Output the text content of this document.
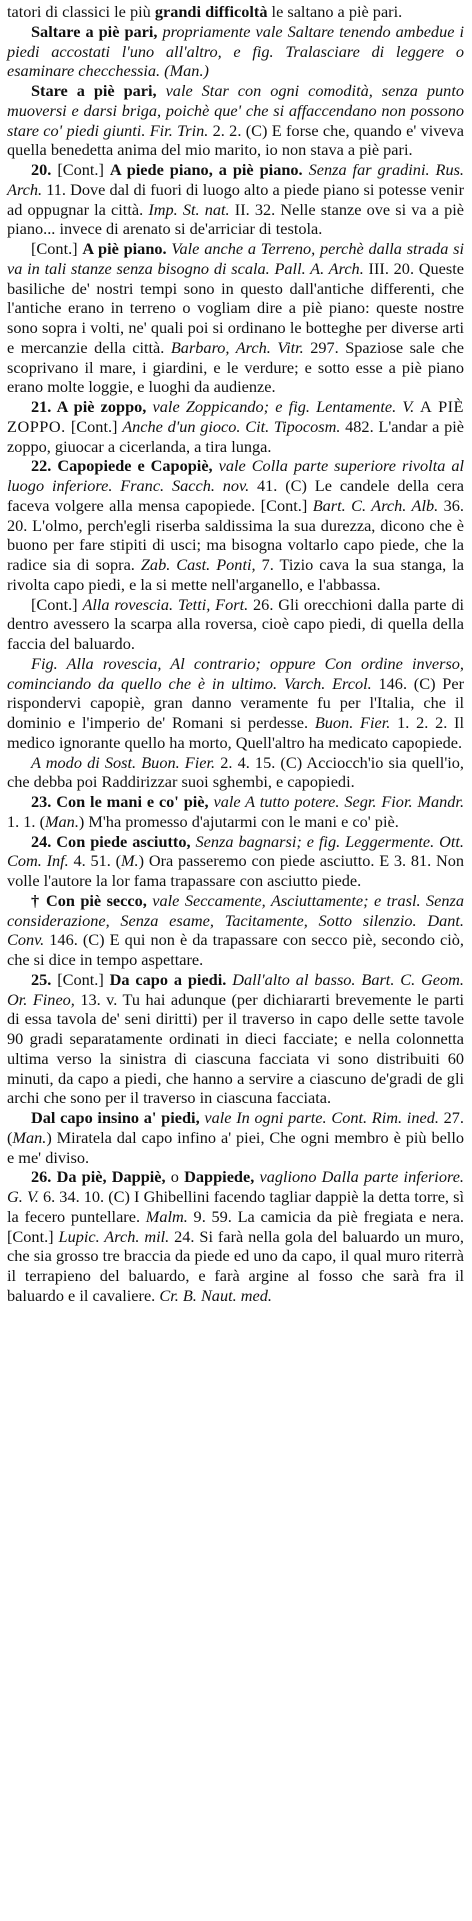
tatori di classici le più grandi difficoltà le saltano a piè pari.

Saltare a piè pari, propriamente vale Saltare tenendo ambedue i piedi accostati l'uno all'altro, e fig. Tralasciare di leggere o esaminare checchessia. (Man.)

Stare a piè pari, vale Star con ogni comodità, senza punto muoversi e darsi briga, poichè que' che si affaccendano non possono stare co' piedi giunti. Fir. Trin. 2. 2. (C) E forse che, quando e' viveva quella benedetta anima del mio marito, io non stava a piè pari.

20. [Cont.] A piede piano, a piè piano. Senza far gradini. Rus. Arch. 11. Dove dal di fuori di luogo alto a piede piano si potesse venir ad oppugnar la città. Imp. St. nat. II. 32. Nelle stanze ove si va a piè piano... invece di arenato si de'arriciar di testola.

[Cont.] A piè piano. Vale anche a Terreno, perchè dalla strada si va in tali stanze senza bisogno di scala. Pall. A. Arch. III. 20. Queste basiliche de' nostri tempi sono in questo dall'antiche differenti, che l'antiche erano in terreno o vogliam dire a piè piano: queste nostre sono sopra i volti, ne' quali poi si ordinano le botteghe per diverse arti e mercanzie della città. Barbaro, Arch. Vitr. 297. Spaziose sale che scoprivano il mare, i giardini, e le verdure; e sotto esse a piè piano erano molte loggie, e luoghi da audienze.

21. A piè zoppo, vale Zoppicando; e fig. Lentamente. V. A PIÈ ZOPPO. [Cont.] Anche d'un gioco. Cit. Tipocosm. 482. L'andar a piè zoppo, giuocar a cicerlanda, a tira lunga.

22. Capopiede e Capopiè, vale Colla parte superiore rivolta al luogo inferiore. Franc. Sacch. nov. 41. (C) Le candele della cera faceva volgere alla mensa capopiede. [Cont.] Bart. C. Arch. Alb. 36. 20. L'olmo, perch'egli riserba saldissima la sua durezza, dicono che è buono per fare stipiti di usci; ma bisogna voltarlo capo piede, che la radice sia di sopra. Zab. Cast. Ponti, 7. Tizio cava la sua stanga, la rivolta capo piedi, e la si mette nell'arganello, e l'abbassa.

[Cont.] Alla rovescia. Tetti, Fort. 26. Gli orecchioni dalla parte di dentro avessero la scarpa alla roversa, cioè capo piedi, di quella della faccia del baluardo.

Fig. Alla rovescia, Al contrario; oppure Con ordine inverso, cominciando da quello che è in ultimo. Varch. Ercol. 146. (C) Per rispondervi capopiè, gran danno veramente fu per l'Italia, che il dominio e l'imperio de' Romani si perdesse. Buon. Fier. 1. 2. 2. Il medico ignorante quello ha morto, Quell'altro ha medicato capopiede.

A modo di Sost. Buon. Fier. 2. 4. 15. (C) Acciocch'io sia quell'io, che debba poi Raddirizzar suoi sghembi, e capopiedi.

23. Con le mani e co' piè, vale A tutto potere. Segr. Fior. Mandr. 1. 1. (Man.) M'ha promesso d'ajutarmi con le mani e co' piè.

24. Con piede asciutto, Senza bagnarsi; e fig. Leggermente. Ott. Com. Inf. 4. 51. (M.) Ora passeremo con piede asciutto. E 3. 81. Non volle l'autore la lor fama trapassare con asciutto piede.

† Con piè secco, vale Seccamente, Asciuttamente; e trasl. Senza considerazione, Senza esame, Tacitamente, Sotto silenzio. Dant. Conv. 146. (C) E qui non è da trapassare con secco piè, secondo ciò, che si dice in tempo aspettare.

25. [Cont.] Da capo a piedi. Dall'alto al basso. Bart. C. Geom. Or. Fineo, 13. v. Tu hai adunque (per dichiararti brevemente le parti di essa tavola de' seni diritti) per il traverso in capo delle sette tavole 90 gradi separatamente ordinati in dieci facciate; e nella colonnetta ultima verso la sinistra di ciascuna facciata vi sono distribuiti 60 minuti, da capo a piedi, che hanno a servire a ciascuno de'gradi de gli archi che sono per il traverso in ciascuna facciata.

Dal capo insino a' piedi, vale In ogni parte. Cont. Rim. ined. 27. (Man.) Miratela dal capo infino a' piei, Che ogni membro è più bello e me' diviso.

26. Da piè, Dappiè, o Dappiede, vagliono Dalla parte inferiore. G. V. 6. 34. 10. (C) I Ghibellini facendo tagliar dappiè la detta torre, sì la fecero puntellare. Malm. 9. 59. La camicia da piè fregiata e nera. [Cont.] Lupic. Arch. mil. 24. Si farà nella gola del baluardo un muro, che sia grosso tre braccia da piede ed uno da capo, il qual muro riterrà il terrapieno del baluardo, e farà argine al fosso che sarà fra il baluardo e il cavaliere. Cr. B. Naut. med.
